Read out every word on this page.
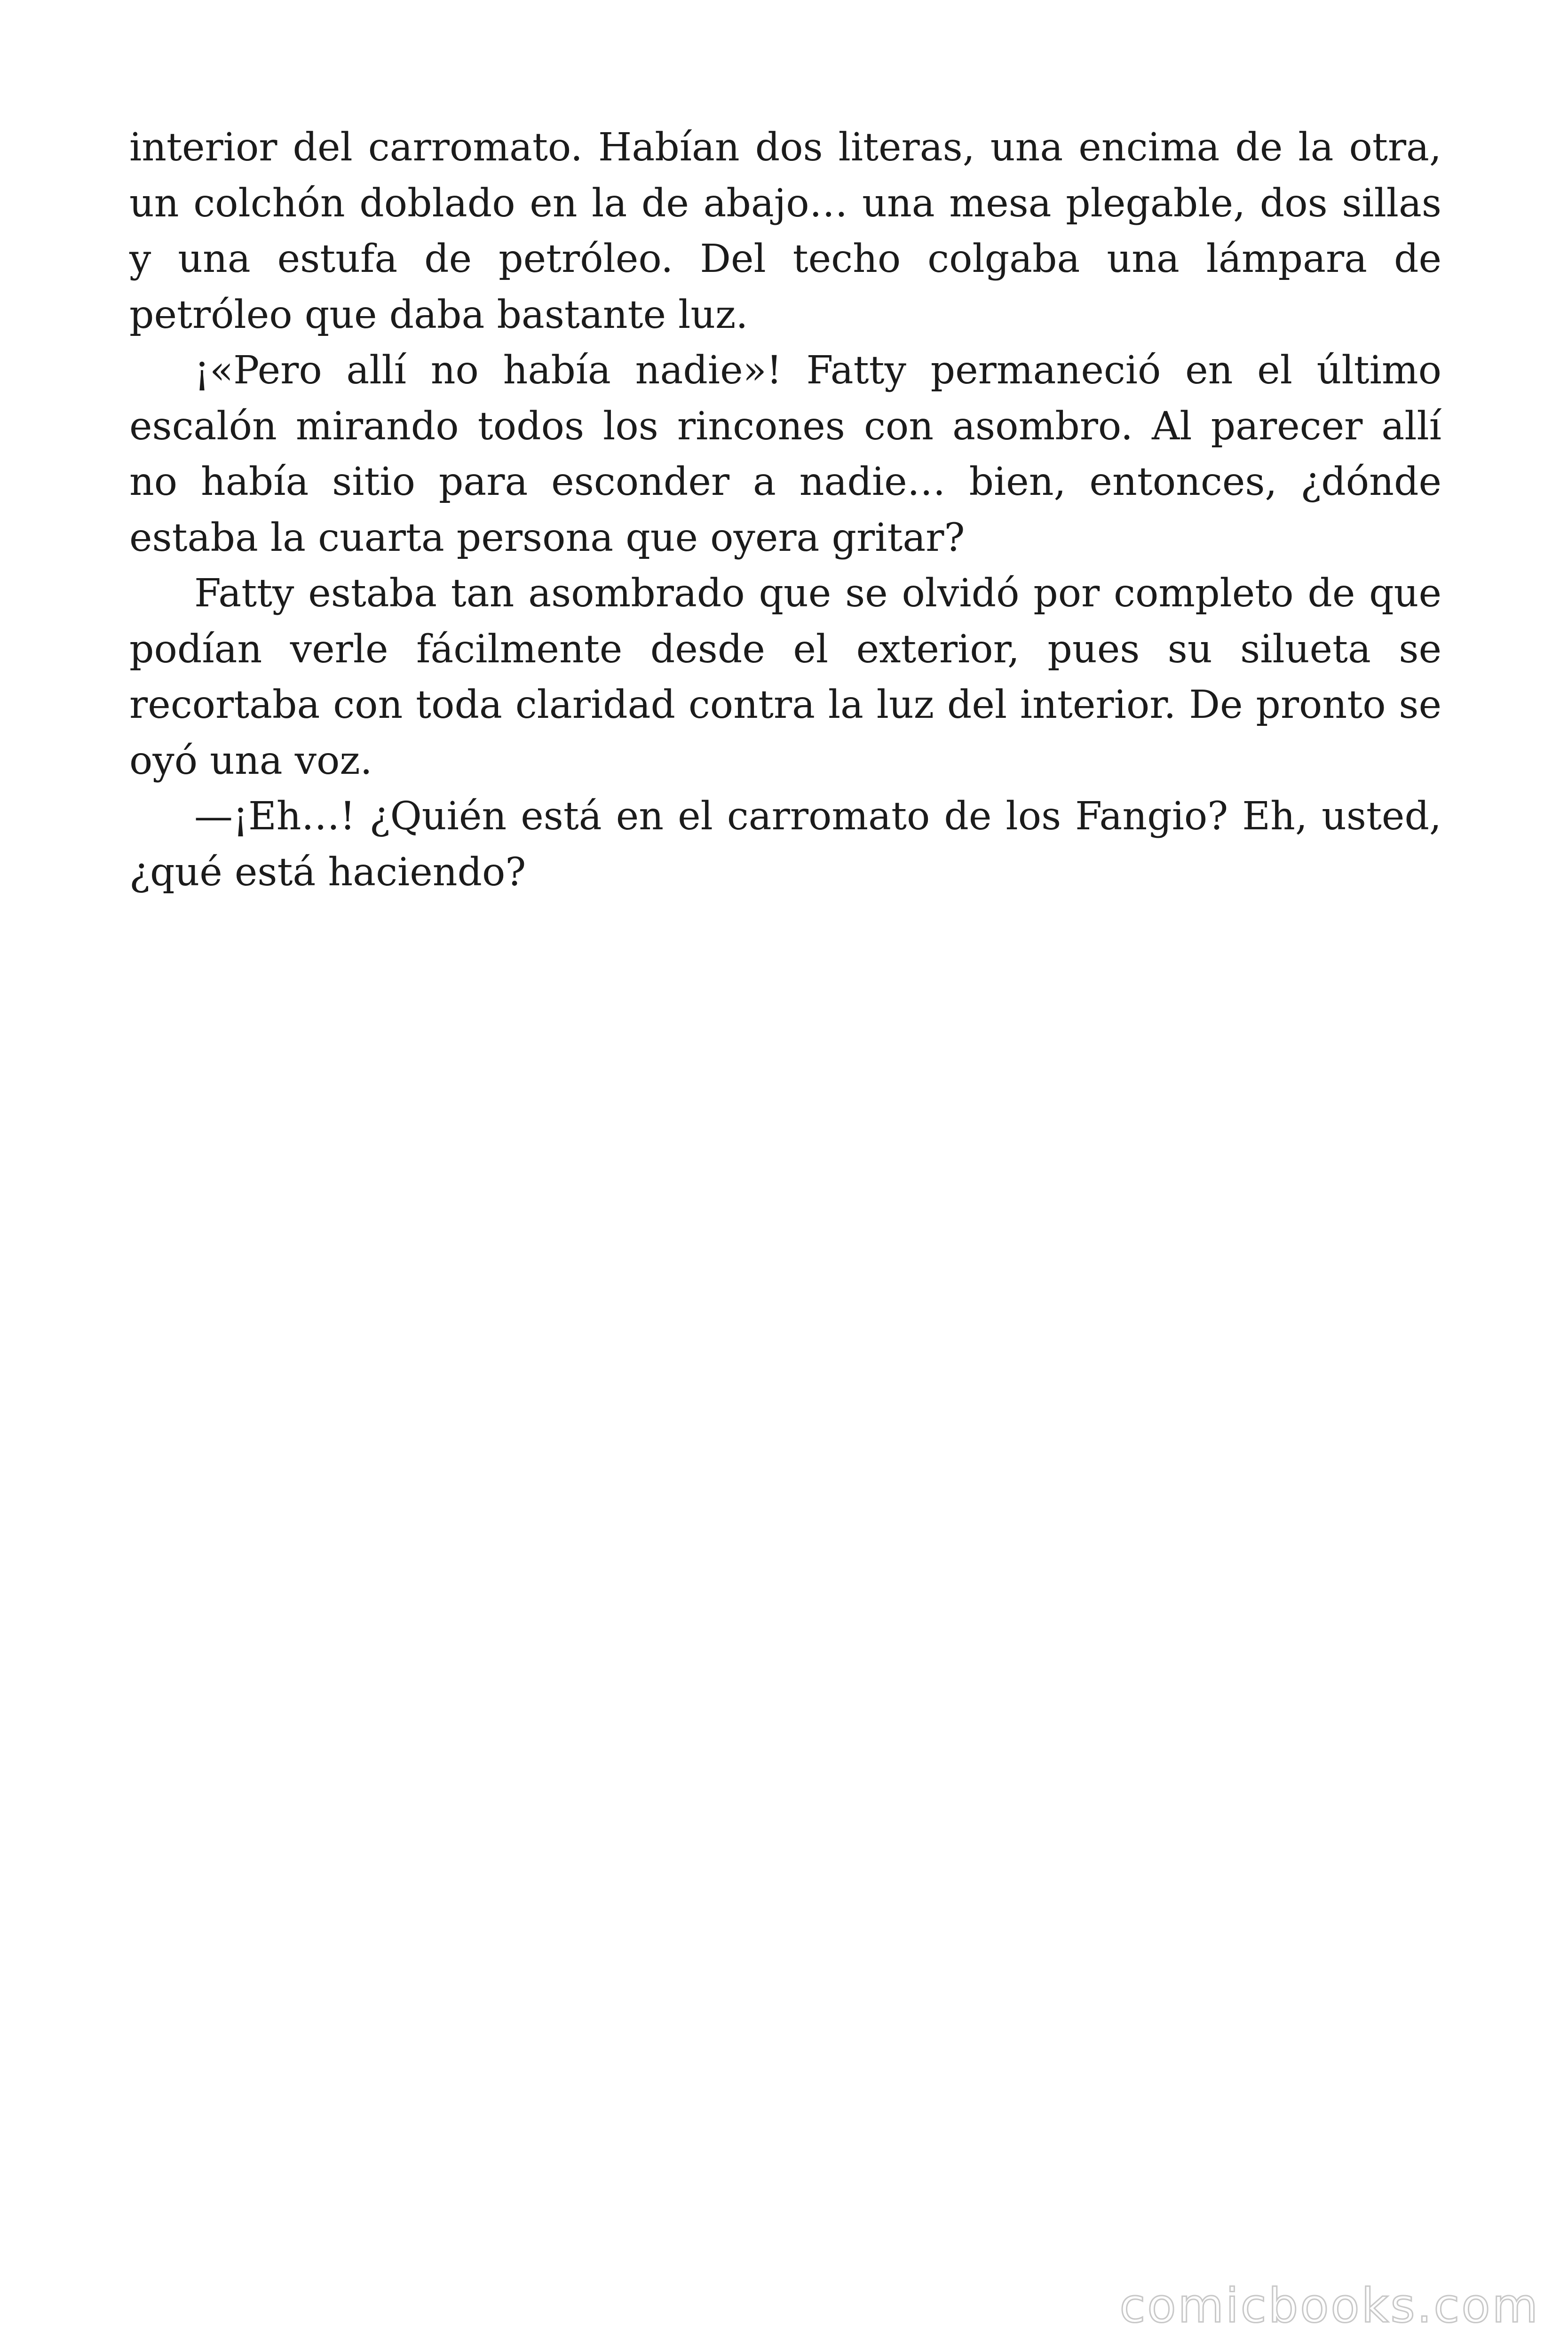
interior del carromato. Habían dos literas, una encima de la otra, un colchón doblado en la de abajo… una mesa plegable, dos sillas y una estufa de petróleo. Del techo colgaba una lámpara de petróleo que daba bastante luz.

¡«Pero allí no había nadie»! Fatty permaneció en el último escalón mirando todos los rincones con asombro. Al parecer allí no había sitio para esconder a nadie… bien, entonces, ¿dónde estaba la cuarta persona que oyera gritar?

Fatty estaba tan asombrado que se olvidó por completo de que podían verle fácilmente desde el exterior, pues su silueta se recortaba con toda claridad contra la luz del interior. De pronto se oyó una voz.

—¡Eh…! ¿Quién está en el carromato de los Fangio? Eh, usted, ¿qué está haciendo?

comicbooks.com
